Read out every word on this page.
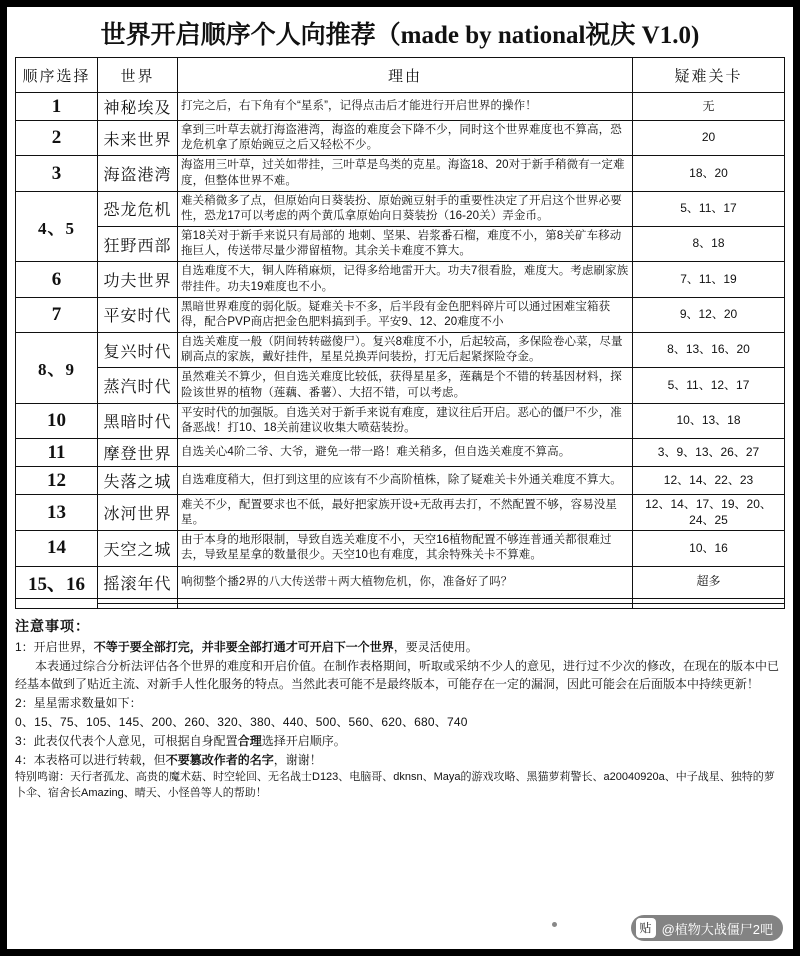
世界开启顺序个人向推荐（made by national祝庆 V1.0)
顺序选择	世界	理由	疑难关卡
1	神秘埃及	打完之后，右下角有个“星系”，记得点击后才能进行开启世界的操作！	无
2	未来世界	拿到三叶草去就打海盗港湾，海盗的难度会下降不少，同时这个世界难度也不算高，恐龙危机拿了原始豌豆之后又轻松不少。	20
3	海盗港湾	海盗用三叶草，过关如带挂，三叶草是鸟类的克星。海盗18、20对于新手稍微有一定难度，但整体世界不难。	18、20
4、5	恐龙危机	难关稍微多了点，但原始向日葵装扮、原始豌豆射手的重要性决定了开启这个世界必要性，恐龙17可以考虑的两个黄瓜拿原始向日葵装扮（16-20关）弄金币。	5、11、17
	狂野西部	第18关对于新手来说只有局部的 地刺、坚果、岩浆番石榴，难度不小，第8关矿车移动拖巨人，传送带尽量少滞留植物。其余关卡难度不算大。	8、18
6	功夫世界	自选难度不大，铜人阵稍麻烦，记得多给地雷开大。功夫7很看脸，难度大。考虑刷家族带挂件。功夫19难度也不小。	7、11、19
7	平安时代	黑暗世界难度的弱化版。疑难关卡不多，后半段有金色肥料碎片可以通过困难宝箱获得，配合PVP商店把金色肥料搞到手。平安9、12、20难度不小	9、12、20
8、9	复兴时代	自选关难度一般（阴间转转磁傻尸）。复兴8难度不小，后起较高，多保险卷心菜，尽量刷高点的家族，戴好挂件，星星兑换弄问装扮，打无后起紧探险夺金。	8、13、16、20
	蒸汽时代	虽然难关不算少，但自选关难度比较低，获得星星多，莲藕是个不错的转基因材料，探险该世界的植物（莲藕、番薯）、大招不错，可以考虑。	5、11、12、17
10	黑暗时代	平安时代的加强版。自选关对于新手来说有难度，建议往后开启。恶心的僵尸不少，准备恶战！打10、18关前建议收集大喷菇装扮。	10、13、18
11	摩登世界	自选关心4阶二爷、大爷，避免一带一路！难关稍多，但自选关难度不算高。	3、9、13、26、27
12	失落之城	自选难度稍大，但打到这里的应该有不少高阶植株，除了疑难关卡外通关难度不算大。	12、14、22、23
13	冰河世界	难关不少，配置要求也不低，最好把家族开设+无敌再去打，不然配置不够，容易没星星。	12、14、17、19、20、24、25
14	天空之城	由于本身的地形限制，导致自选关难度不小，天空16植物配置不够连普通关都很难过去，导致星星拿的数量很少。天空10也有难度，其余特殊关卡不算难。	10、16
15、16	摇滚年代	响彻整个播2界的八大传送带＋两大植物危机，你，准备好了吗？	超多

注意事项：

1：开启世界，不等于要全部打完，并非要全部打通才可开启下一个世界，要灵活使用。

本表通过综合分析法评估各个世界的难度和开启价值。在制作表格期间，听取或采纳不少人的意见，进行过不少次的修改，在现在的版本中已经基本做到了贴近主流、对新手人性化服务的特点。当然此表可能不是最终版本，可能存在一定的漏洞，因此可能会在后面版本中持续更新！

2：星星需求数量如下：

0、15、75、105、145、200、260、320、380、440、500、560、620、680、740

3：此表仅代表个人意见，可根据自身配置合理选择开启顺序。

4：本表格可以进行转载，但不要篡改作者的名字，谢谢！

特别鸣谢：天行者孤龙、高贵的魔术菇、时空轮回、无名战士D123、电脑哥、dknsn、Maya的游戏攻略、黑猫萝莉警长、a20040920a、中子战星、独特的萝卜伞、宿舍长Amazing、晴天、小怪兽等人的帮助！

贴 @植物大战僵尸2吧
